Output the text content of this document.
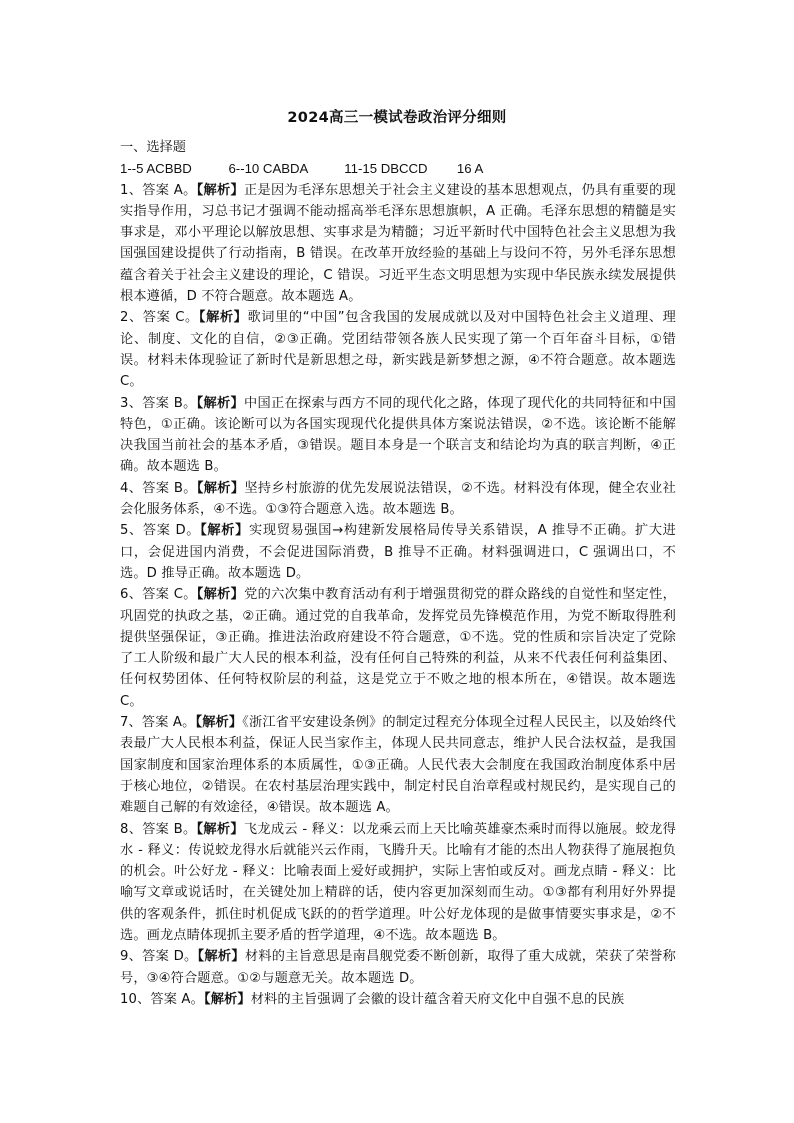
2024高三一模试卷政治评分细则
一、选择题
1--5 ACBBD	6--10 CABDA	11-15 DBCCD 16 A
1、答案 A。【解析】正是因为毛泽东思想关于社会主义建设的基本思想观点，仍具有重要的现实指导作用，习总书记才强调不能动摇高举毛泽东思想旗帜，A 正确。毛泽东思想的精髓是实事求是，邓小平理论以解放思想、实事求是为精髓；习近平新时代中国特色社会主义思想为我国强国建设提供了行动指南，B 错误。在改革开放经验的基础上与设问不符，另外毛泽东思想蕴含着关于社会主义建设的理论，C 错误。习近平生态文明思想为实现中华民族永续发展提供根本遵循，D 不符合题意。故本题选 A。
2、答案 C。【解析】歌词里的“中国”包含我国的发展成就以及对中国特色社会主义道理、理论、制度、文化的自信，②③正确。党团结带领各族人民实现了第一个百年奋斗目标，①错误。材料未体现验证了新时代是新思想之母，新实践是新梦想之源，④不符合题意。故本题选 C。
3、答案 B。【解析】中国正在探索与西方不同的现代化之路，体现了现代化的共同特征和中国特色，①正确。该论断可以为各国实现现代化提供具体方案说法错误，②不选。该论断不能解决我国当前社会的基本矛盾，③错误。题目本身是一个联言支和结论均为真的联言判断，④正确。故本题选 B。
4、答案 B。【解析】坚持乡村旅游的优先发展说法错误，②不选。材料没有体现，健全农业社会化服务体系，④不选。①③符合题意入选。故本题选 B。
5、答案 D。【解析】实现贸易强国→构建新发展格局传导关系错误，A 推导不正确。扩大进口，会促进国内消费，不会促进国际消费，B 推导不正确。材料强调进口，C 强调出口，不选。D 推导正确。故本题选 D。
6、答案 C。【解析】党的六次集中教育活动有利于增强贯彻党的群众路线的自觉性和坚定性，巩固党的执政之基，②正确。通过党的自我革命，发挥党员先锋模范作用，为党不断取得胜利提供坚强保证，③正确。推进法治政府建设不符合题意，①不选。党的性质和宗旨决定了党除了工人阶级和最广大人民的根本利益，没有任何自己特殊的利益，从来不代表任何利益集团、任何权势团体、任何特权阶层的利益，这是党立于不败之地的根本所在，④错误。故本题选 C。
7、答案 A。【解析】《浙江省平安建设条例》的制定过程充分体现全过程人民民主，以及始终代表最广大人民根本利益，保证人民当家作主，体现人民共同意志，维护人民合法权益，是我国国家制度和国家治理体系的本质属性，①③正确。人民代表大会制度在我国政治制度体系中居于核心地位，②错误。在农村基层治理实践中，制定村民自治章程或村规民约，是实现自己的难题自己解的有效途径，④错误。故本题选 A。
8、答案 B。【解析】飞龙成云 - 释义：以龙乘云而上天比喻英雄豪杰乘时而得以施展。蛟龙得水 - 释义：传说蛟龙得水后就能兴云作雨，飞腾升天。比喻有才能的杰出人物获得了施展抱负的机会。叶公好龙 - 释义：比喻表面上爱好或拥护，实际上害怕或反对。画龙点睛 - 释义：比喻写文章或说话时，在关键处加上精辟的话，使内容更加深刻而生动。①③都有利用好外界提供的客观条件，抓住时机促成飞跃的的哲学道理。叶公好龙体现的是做事情要实事求是，②不选。画龙点睛体现抓主要矛盾的哲学道理，④不选。故本题选 B。
9、答案 D。【解析】材料的主旨意思是南昌舰党委不断创新，取得了重大成就，荣获了荣誉称号，③④符合题意。①②与题意无关。故本题选 D。
10、答案 A。【解析】材料的主旨强调了会徽的设计蕴含着天府文化中自强不息的民族
